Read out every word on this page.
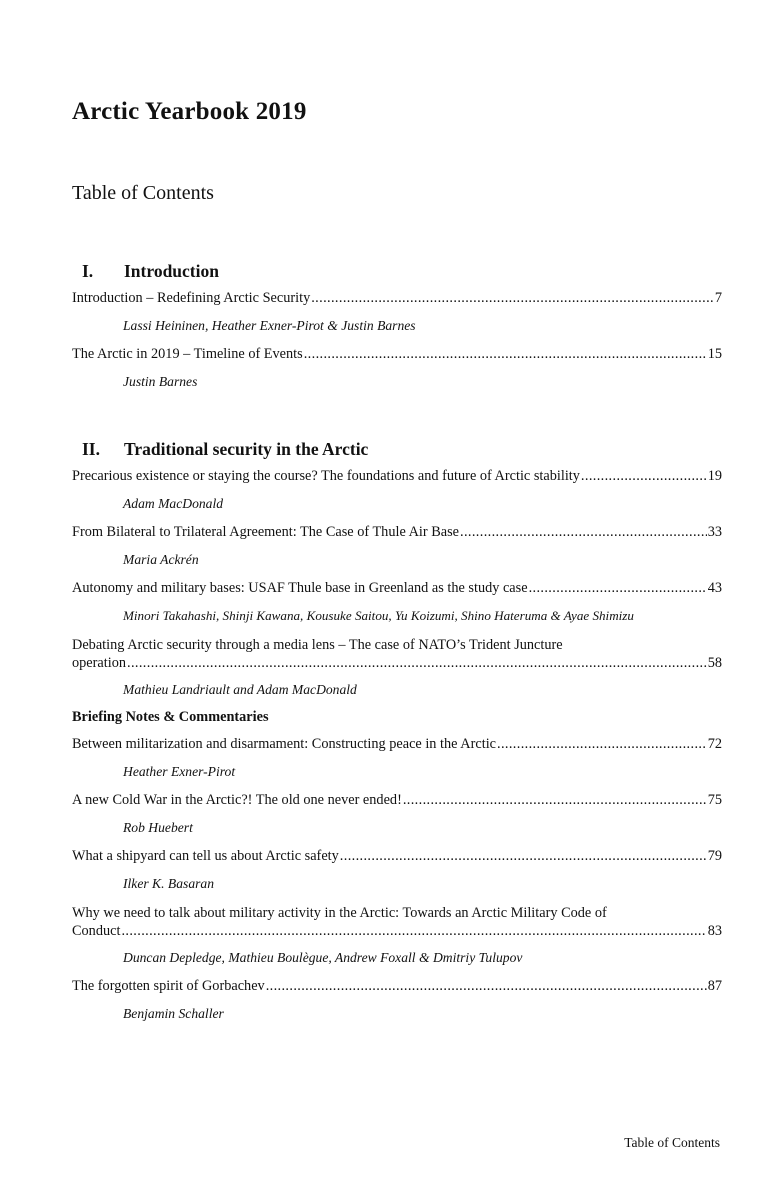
Arctic Yearbook 2019
Table of Contents
I. Introduction
Introduction – Redefining Arctic Security . . .	7
Lassi Heininen, Heather Exner-Pirot & Justin Barnes
The Arctic in 2019 – Timeline of Events . . .	15
Justin Barnes
II. Traditional security in the Arctic
Precarious existence or staying the course? The foundations and future of Arctic stability . . .	19
Adam MacDonald
From Bilateral to Trilateral Agreement: The Case of Thule Air Base . . .	33
Maria Ackrén
Autonomy and military bases: USAF Thule base in Greenland as the study case . . .	43
Minori Takahashi, Shinji Kawana, Kousuke Saitou, Yu Koizumi, Shino Hateruma & Ayae Shimizu
Debating Arctic security through a media lens – The case of NATO’s Trident Juncture
operation . . .	58
Mathieu Landriault and Adam MacDonald
Briefing Notes & Commentaries
Between militarization and disarmament: Constructing peace in the Arctic . . .	72
Heather Exner-Pirot
A new Cold War in the Arctic?! The old one never ended! . . .	75
Rob Huebert
What a shipyard can tell us about Arctic safety . . .	79
Ilker K. Basaran
Why we need to talk about military activity in the Arctic: Towards an Arctic Military Code of
Conduct . . .	83
Duncan Depledge, Mathieu Boulègue, Andrew Foxall & Dmitriy Tulupov
The forgotten spirit of Gorbachev . . .	87
Benjamin Schaller
Table of Contents
